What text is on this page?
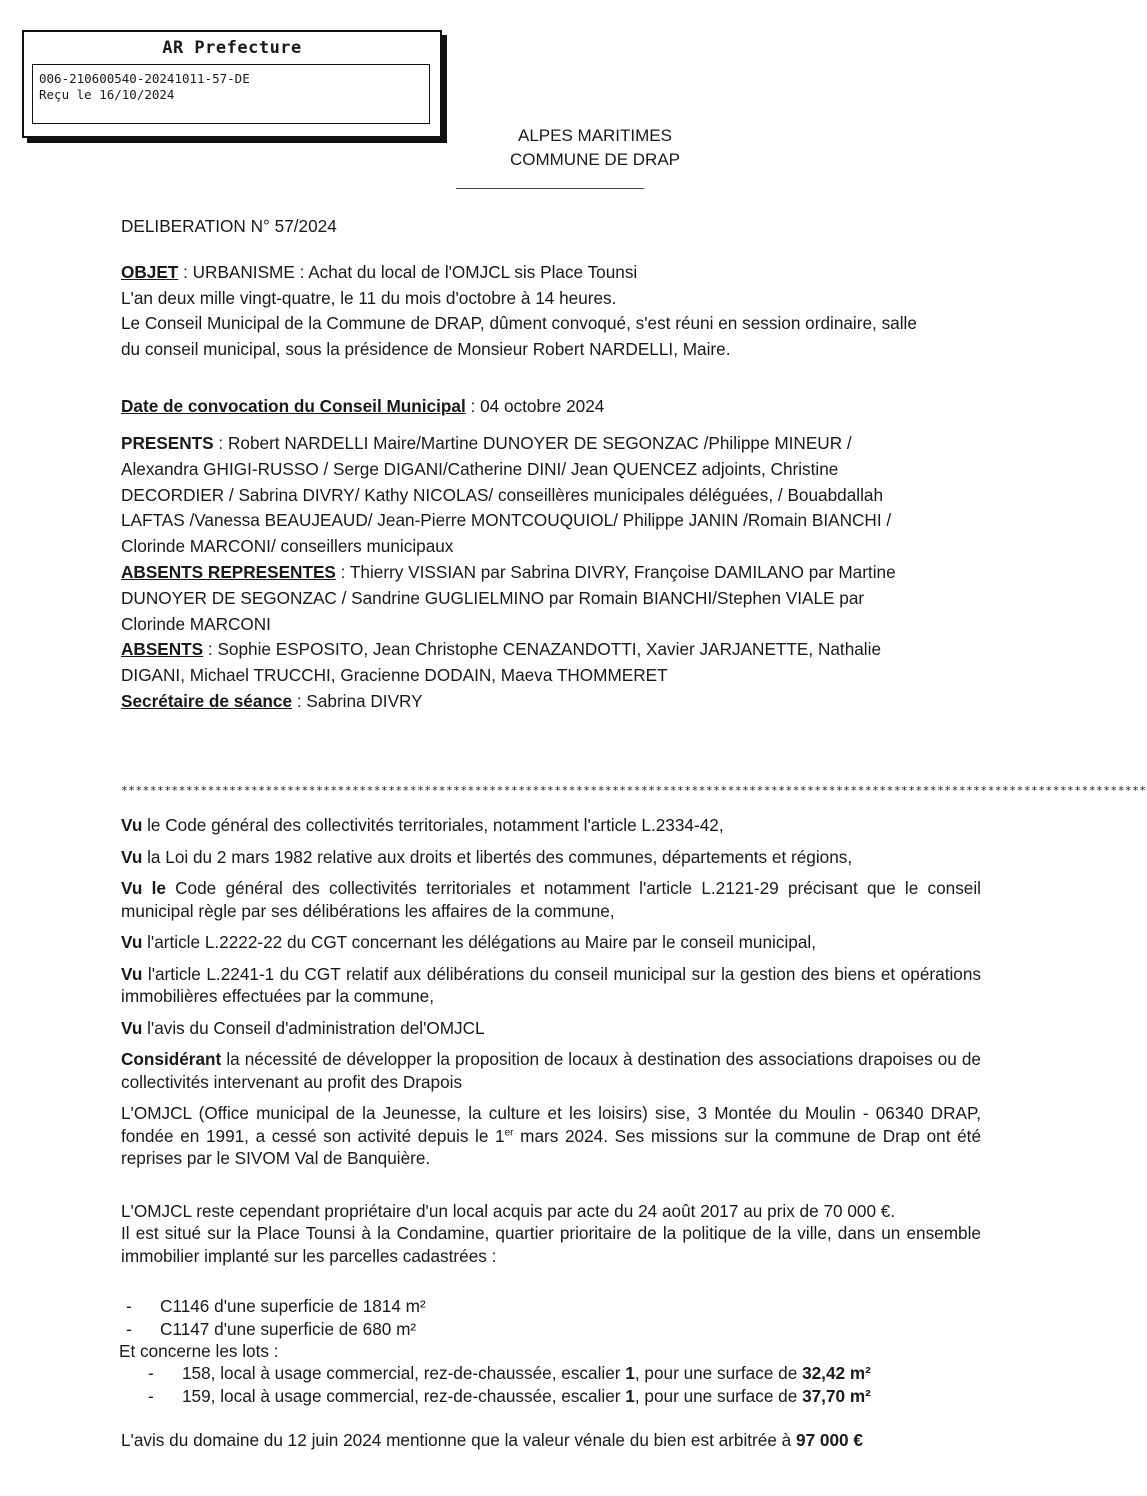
AR Prefecture
006-210600540-20241011-57-DE
Reçu le 16/10/2024
ALPES MARITIMES
COMMUNE DE DRAP
DELIBERATION N° 57/2024

OBJET : URBANISME : Achat du local de l'OMJCL sis Place Tounsi

L'an deux mille vingt-quatre, le 11 du mois d'octobre à 14 heures.

Le Conseil Municipal de la Commune de DRAP, dûment convoqué, s'est réuni en session ordinaire, salle du conseil municipal, sous la présidence de Monsieur Robert NARDELLI, Maire.

Date de convocation du Conseil Municipal : 04 octobre 2024

PRESENTS : Robert NARDELLI Maire/Martine DUNOYER DE SEGONZAC /Philippe MINEUR / Alexandra GHIGI-RUSSO / Serge DIGANI/Catherine DINI/ Jean QUENCEZ adjoints, Christine DECORDIER / Sabrina DIVRY/ Kathy NICOLAS/ conseillères municipales déléguées, / Bouabdallah LAFTAS /Vanessa BEAUJEAUD/ Jean-Pierre MONTCOUQUIOL/ Philippe JANIN /Romain BIANCHI / Clorinde MARCONI/ conseillers municipaux

ABSENTS REPRESENTES : Thierry VISSIAN par Sabrina DIVRY, Françoise DAMILANO par Martine DUNOYER DE SEGONZAC / Sandrine GUGLIELMINO par Romain BIANCHI/Stephen VIALE par Clorinde MARCONI

ABSENTS : Sophie ESPOSITO, Jean Christophe CENAZANDOTTI, Xavier JARJANETTE, Nathalie DIGANI, Michael TRUCCHI, Gracienne DODAIN, Maeva THOMMERET

Secrétaire de séance : Sabrina DIVRY

**********************************************************************************************************************************************

Vu le Code général des collectivités territoriales, notamment l'article L.2334-42,

Vu la Loi du 2 mars 1982 relative aux droits et libertés des communes, départements et régions,

Vu le Code général des collectivités territoriales et notamment l'article L.2121-29 précisant que le conseil municipal règle par ses délibérations les affaires de la commune,

Vu l'article L.2222-22 du CGT concernant les délégations au Maire par le conseil municipal,

Vu l'article L.2241-1 du CGT relatif aux délibérations du conseil municipal sur la gestion des biens et opérations immobilières effectuées par la commune,

Vu l'avis du Conseil d'administration del'OMJCL

Considérant la nécessité de développer la proposition de locaux à destination des associations drapoises ou de collectivités intervenant au profit des Drapois

L'OMJCL (Office municipal de la Jeunesse, la culture et les loisirs) sise, 3 Montée du Moulin - 06340 DRAP, fondée en 1991, a cessé son activité depuis le 1er mars 2024. Ses missions sur la commune de Drap ont été reprises par le SIVOM Val de Banquière.

L'OMJCL reste cependant propriétaire d'un local acquis par acte du 24 août 2017 au prix de 70 000 €.

Il est situé sur la Place Tounsi à la Condamine, quartier prioritaire de la politique de la ville, dans un ensemble immobilier implanté sur les parcelles cadastrées :

- C1146 d'une superficie de 1814 m²
- C1147 d'une superficie de 680 m²
Et concerne les lots :
- 158, local à usage commercial, rez-de-chaussée, escalier 1, pour une surface de 32,42 m²
- 159, local à usage commercial, rez-de-chaussée, escalier 1, pour une surface de 37,70 m²
L'avis du domaine du 12 juin 2024 mentionne que la valeur vénale du bien est arbitrée à 97 000 €
